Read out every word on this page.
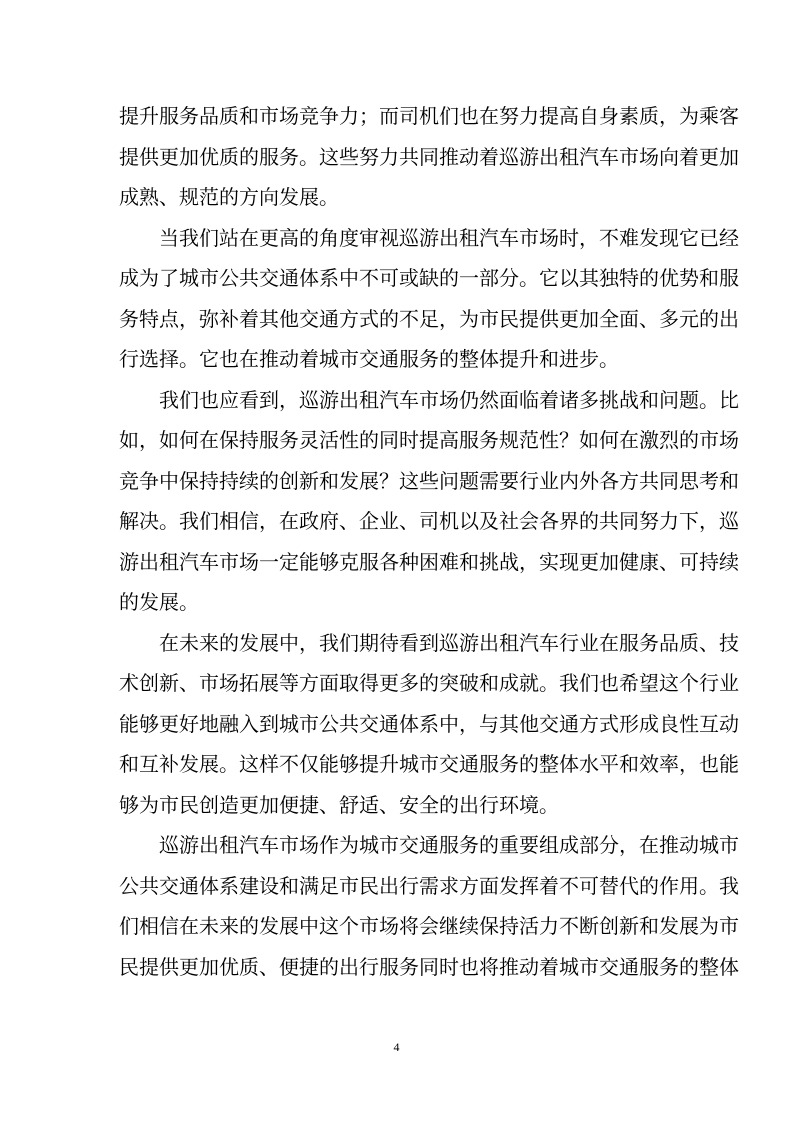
提升服务品质和市场竞争力；而司机们也在努力提高自身素质，为乘客
提供更加优质的服务。这些努力共同推动着巡游出租汽车市场向着更加
成熟、规范的方向发展。
当我们站在更高的角度审视巡游出租汽车市场时，不难发现它已经
成为了城市公共交通体系中不可或缺的一部分。它以其独特的优势和服
务特点，弥补着其他交通方式的不足，为市民提供更加全面、多元的出
行选择。它也在推动着城市交通服务的整体提升和进步。
我们也应看到，巡游出租汽车市场仍然面临着诸多挑战和问题。比
如，如何在保持服务灵活性的同时提高服务规范性？如何在激烈的市场
竞争中保持持续的创新和发展？这些问题需要行业内外各方共同思考和
解决。我们相信，在政府、企业、司机以及社会各界的共同努力下，巡
游出租汽车市场一定能够克服各种困难和挑战，实现更加健康、可持续
的发展。
在未来的发展中，我们期待看到巡游出租汽车行业在服务品质、技
术创新、市场拓展等方面取得更多的突破和成就。我们也希望这个行业
能够更好地融入到城市公共交通体系中，与其他交通方式形成良性互动
和互补发展。这样不仅能够提升城市交通服务的整体水平和效率，也能
够为市民创造更加便捷、舒适、安全的出行环境。
巡游出租汽车市场作为城市交通服务的重要组成部分，在推动城市
公共交通体系建设和满足市民出行需求方面发挥着不可替代的作用。我
们相信在未来的发展中这个市场将会继续保持活力不断创新和发展为市
民提供更加优质、便捷的出行服务同时也将推动着城市交通服务的整体
4
